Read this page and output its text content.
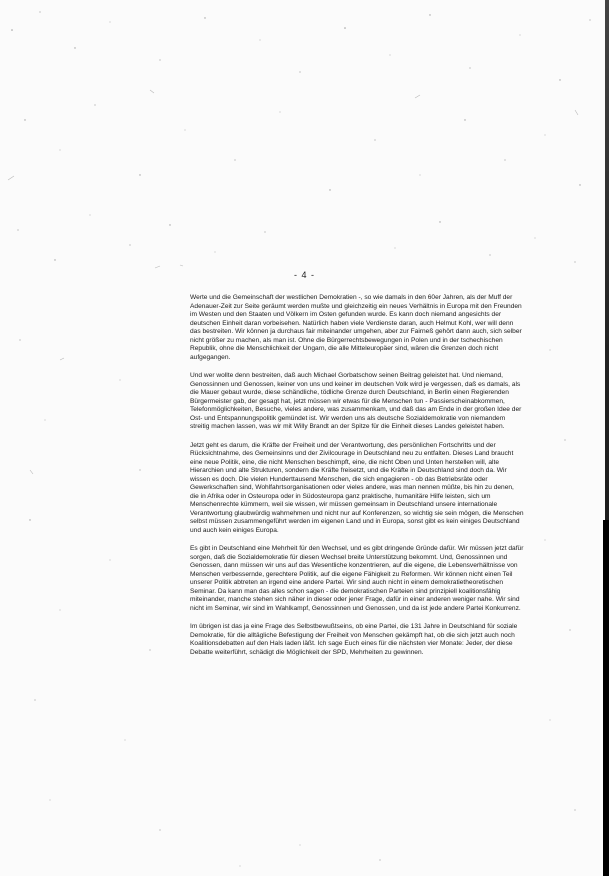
- 4 -

Werte und die Gemeinschaft der westlichen Demokratien -, so wie damals in den 60er Jahren, als der Muff der Adenauer-Zeit zur Seite geräumt werden mußte und gleichzeitig ein neues Verhältnis in Europa mit den Freunden im Westen und den Staaten und Völkern im Osten gefunden wurde. Es kann doch niemand angesichts der deutschen Einheit daran vorbeisehen. Natürlich haben viele Verdienste daran, auch Helmut Kohl, wer will denn das bestreiten. Wir können ja durchaus fair miteinander umgehen, aber zur Fairneß gehört dann auch, sich selber nicht größer zu machen, als man ist. Ohne die Bürgerrechtsbewegungen in Polen und in der tschechischen Republik, ohne die Menschlichkeit der Ungarn, die alle Mitteleuropäer sind, wären die Grenzen doch nicht aufgegangen.

Und wer wollte denn bestreiten, daß auch Michael Gorbatschow seinen Beitrag geleistet hat. Und niemand, Genossinnen und Genossen, keiner von uns und keiner im deutschen Volk wird je vergessen, daß es damals, als die Mauer gebaut wurde, diese schändliche, tödliche Grenze durch Deutschland, in Berlin einen Regierenden Bürgermeister gab, der gesagt hat, jetzt müssen wir etwas für die Menschen tun - Passierscheinabkommen, Telefonmöglichkeiten, Besuche, vieles andere, was zusammenkam, und daß das am Ende in der großen Idee der Ost- und Entspannungspolitik gemündet ist. Wir werden uns als deutsche Sozialdemokratie von niemandem streitig machen lassen, was wir mit Willy Brandt an der Spitze für die Einheit dieses Landes geleistet haben.

Jetzt geht es darum, die Kräfte der Freiheit und der Verantwortung, des persönlichen Fortschritts und der Rücksichtnahme, des Gemeinsinns und der Zivilcourage in Deutschland neu zu entfalten. Dieses Land braucht eine neue Politik, eine, die nicht Menschen beschimpft, eine, die nicht Oben und Unten herstellen will, alte Hierarchien und alte Strukturen, sondern die Kräfte freisetzt, und die Kräfte in Deutschland sind doch da. Wir wissen es doch. Die vielen Hunderttausend Menschen, die sich engagieren - ob das Betriebsräte oder Gewerkschaften sind, Wohlfahrtsorganisationen oder vieles andere, was man nennen müßte, bis hin zu denen, die in Afrika oder in Osteuropa oder in Südosteuropa ganz praktische, humanitäre Hilfe leisten, sich um Menschenrechte kümmern, weil sie wissen, wir müssen gemeinsam in Deutschland unsere internationale Verantwortung glaubwürdig wahrnehmen und nicht nur auf Konferenzen, so wichtig sie sein mögen, die Menschen selbst müssen zusammengeführt werden im eigenen Land und in Europa, sonst gibt es kein einiges Deutschland und auch kein einiges Europa.

Es gibt in Deutschland eine Mehrheit für den Wechsel, und es gibt dringende Gründe dafür. Wir müssen jetzt dafür sorgen, daß die Sozialdemokratie für diesen Wechsel breite Unterstützung bekommt. Und, Genossinnen und Genossen, dann müssen wir uns auf das Wesentliche konzentrieren, auf die eigene, die Lebensverhältnisse von Menschen verbessernde, gerechtere Politik, auf die eigene Fähigkeit zu Reformen. Wir können nicht einen Teil unserer Politik abtreten an irgend eine andere Partei. Wir sind auch nicht in einem demokratietheoretischen Seminar. Da kann man das alles schon sagen - die demokratischen Parteien sind prinzipiell koalitionsfähig miteinander, manche stehen sich näher in dieser oder jener Frage, dafür in einer anderen weniger nahe. Wir sind nicht im Seminar, wir sind im Wahlkampf, Genossinnen und Genossen, und da ist jede andere Partei Konkurrenz.

Im übrigen ist das ja eine Frage des Selbstbewußtseins, ob eine Partei, die 131 Jahre in Deutschland für soziale Demokratie, für die alltägliche Befestigung der Freiheit von Menschen gekämpft hat, ob die sich jetzt auch noch Koalitionsdebatten auf den Hals laden läßt. Ich sage Euch eines für die nächsten vier Monate: Jeder, der diese Debatte weiterführt, schädigt die Möglichkeit der SPD, Mehrheiten zu gewinnen.
